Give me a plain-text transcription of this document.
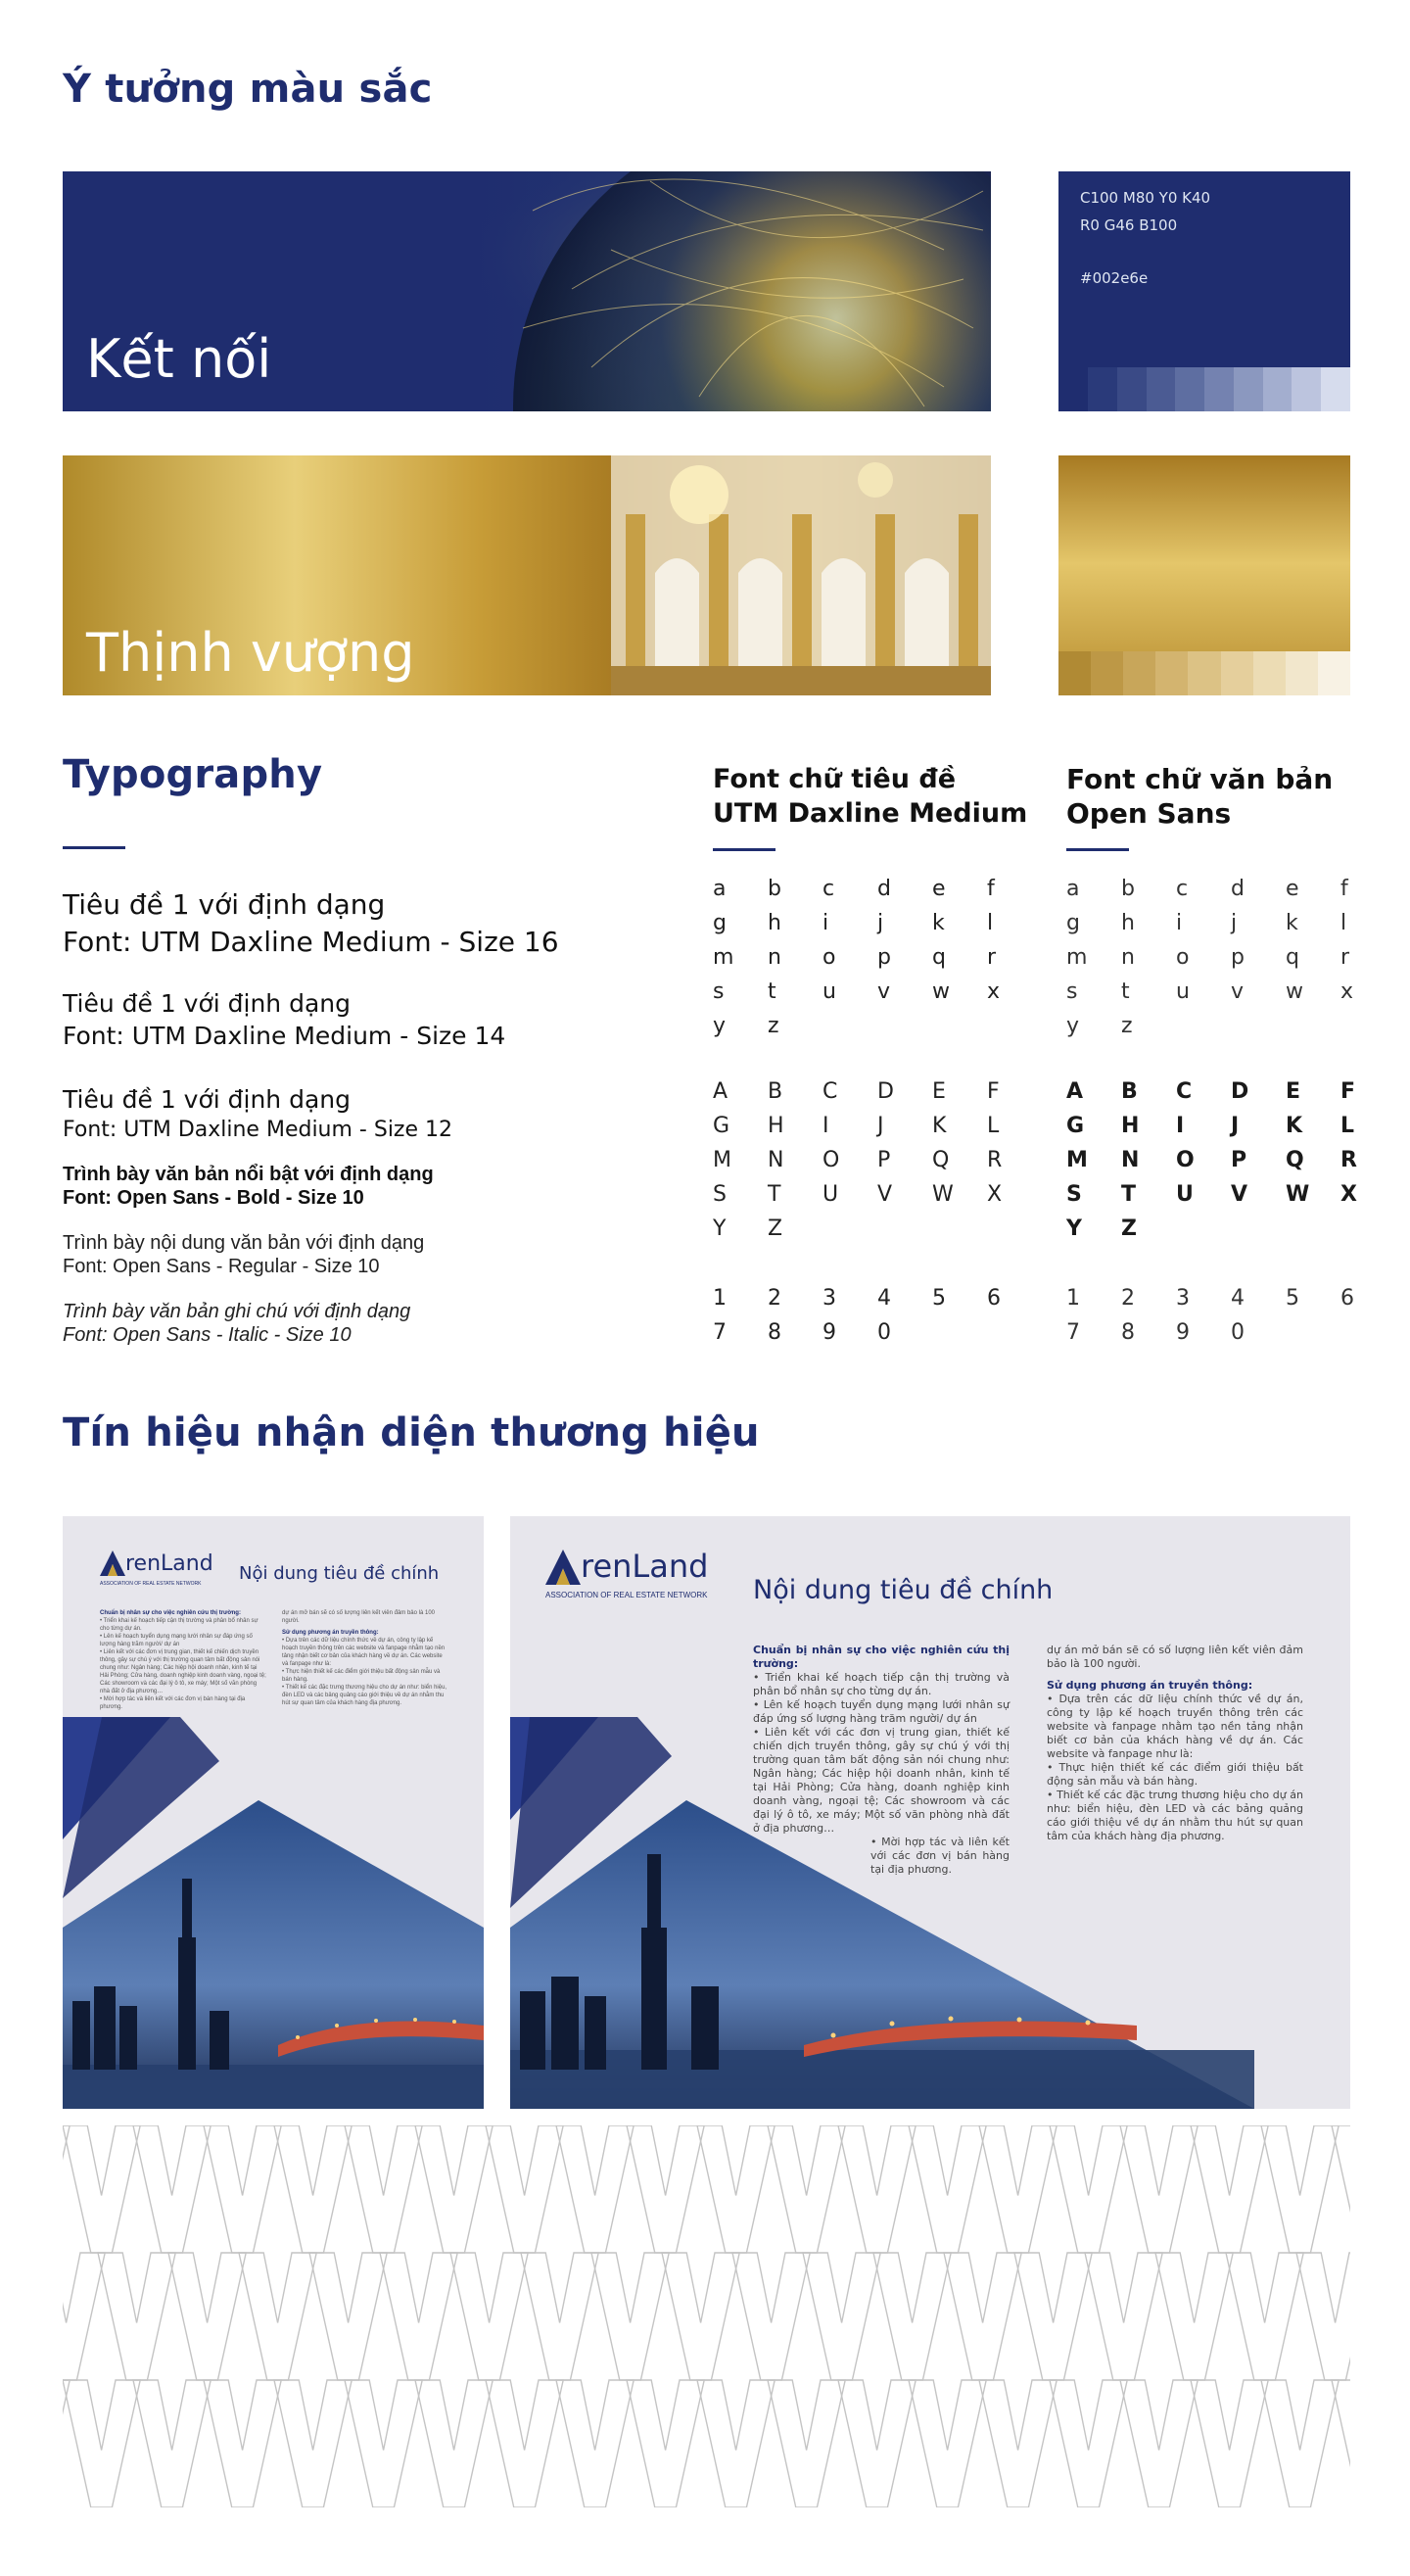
Ý tưởng màu sắc
Kết nối
C100 M80 Y0 K40
R0 G46 B100
#002e6e
Thịnh vượng
Typography
Tiêu đề 1 với định dạng
Font: UTM Daxline Medium - Size 16
Tiêu đề 1 với định dạng
Font: UTM Daxline Medium - Size 14
Tiêu đề 1 với định dạng
Font: UTM Daxline Medium - Size 12
Trình bày văn bản nổi bật với định dạng
Font: Open Sans - Bold - Size 10
Trình bày nội dung văn bản với định dạng
Font: Open Sans - Regular - Size 10
Trình bày văn bản ghi chú với định dạng
Font: Open Sans - Italic - Size 10
Font chữ tiêu đề
UTM Daxline Medium
a	b	c	d	e	f
g	h	i	j	k	l
m	n	o	p	q	r
s	t	u	v	w	x
y	z
A	B	C	D	E	F
G	H	I	J	K	L
M	N	O	P	Q	R
S	T	U	V	W	X
Y	Z
1	2	3	4	5	6
7	8	9	0
Font chữ văn bản
Open Sans
a	b	c	d	e	f
g	h	i	j	k	l
m	n	o	p	q	r
s	t	u	v	w	x
y	z
A	B	C	D	E	F
G	H	I	J	K	L
M	N	O	P	Q	R
S	T	U	V	W	X
Y	Z
1	2	3	4	5	6
7	8	9	0
Tín hiệu nhận diện thương hiệu
renLand
ASSOCIATION OF REAL ESTATE NETWORK Nội dung tiêu đề chính
Chuẩn bị nhân sự cho việc nghiên cứu thị trường:
• Triển khai kế hoạch tiếp cận thị trường và phân bổ nhân sự cho từng dự án.
• Lên kế hoạch tuyển dụng mạng lưới nhân sự đáp ứng số lượng hàng trăm người/ dự án
• Liên kết với các đơn vị trung gian, thiết kế chiến dịch truyền thông, gây sự chú ý với thị trường quan tâm bất động sản nói chung như: Ngân hàng; Các hiệp hội doanh nhân, kinh tế tại Hải Phòng; Cửa hàng, doanh nghiệp kinh doanh vàng, ngoại tệ; Các showroom và các đại lý ô tô, xe máy; Một số văn phòng nhà đất ở địa phương…
• Mời hợp tác và liên kết với các đơn vị bán hàng tại địa phương.
dự án mở bán sẽ có số lượng liên kết viên đảm bảo là 100 người.
Sử dụng phương án truyền thông:
• Dựa trên các dữ liệu chính thức về dự án, công ty lập kế hoạch truyền thông trên các website và fanpage nhằm tạo nền tảng nhận biết cơ bản của khách hàng về dự án. Các website và fanpage như là:
• Thực hiện thiết kế các điểm giới thiệu bất động sản mẫu và bán hàng.
• Thiết kế các đặc trưng thương hiệu cho dự án như: biển hiệu, đèn LED và các bảng quảng cáo giới thiệu về dự án nhằm thu hút sự quan tâm của khách hàng địa phương.
renLand
ASSOCIATION OF REAL ESTATE NETWORK Nội dung tiêu đề chính
Chuẩn bị nhân sự cho việc nghiên cứu thị trường:
• Triển khai kế hoạch tiếp cận thị trường và phân bổ nhân sự cho từng dự án.
• Lên kế hoạch tuyển dụng mạng lưới nhân sự đáp ứng số lượng hàng trăm người/ dự án
• Liên kết với các đơn vị trung gian, thiết kế chiến dịch truyền thông, gây sự chú ý với thị trường quan tâm bất động sản nói chung như: Ngân hàng; Các hiệp hội doanh nhân, kinh tế tại Hải Phòng; Cửa hàng, doanh nghiệp kinh doanh vàng, ngoại tệ; Các showroom và các đại lý ô tô, xe máy; Một số văn phòng nhà đất ở địa phương…
• Mời hợp tác và liên kết với các đơn vị bán hàng tại địa phương.
dự án mở bán sẽ có số lượng liên kết viên đảm bảo là 100 người.
Sử dụng phương án truyền thông:
• Dựa trên các dữ liệu chính thức về dự án, công ty lập kế hoạch truyền thông trên các website và fanpage nhằm tạo nền tảng nhận biết cơ bản của khách hàng về dự án. Các website và fanpage như là:
• Thực hiện thiết kế các điểm giới thiệu bất động sản mẫu và bán hàng.
• Thiết kế các đặc trưng thương hiệu cho dự án như: biển hiệu, đèn LED và các bảng quảng cáo giới thiệu về dự án nhằm thu hút sự quan tâm của khách hàng địa phương.
